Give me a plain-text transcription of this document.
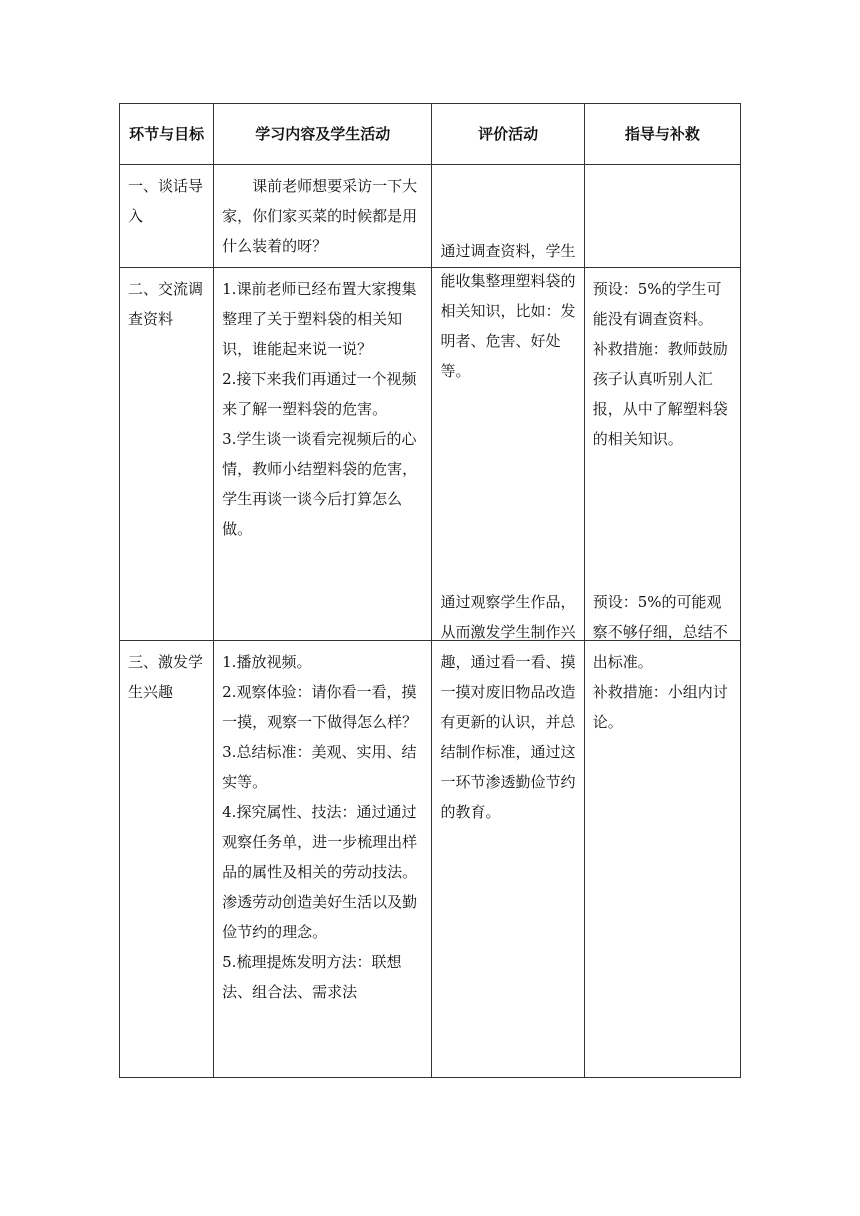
环节与目标	学习内容及学生活动	评价活动	指导与补救
一、谈话导入	课前老师想要采访一下大家，你们家买菜的时候都是用什么装着的呀？		

二、交流调查资料	1.课前老师已经布置大家搜集整理了关于塑料袋的相关知识，谁能起来说一说？
2.接下来我们再通过一个视频来了解一塑料袋的危害。
3.学生谈一谈看完视频后的心情，教师小结塑料袋的危害，学生再谈一谈今后打算怎么做。	通过调查资料，学生能收集整理塑料袋的相关知识，比如：发明者、危害、好处等。	预设：5%的学生可能没有调查资料。
补救措施：教师鼓励孩子认真听别人汇报，从中了解塑料袋的相关知识。

三、激发学生兴趣	1.播放视频。
2.观察体验：请你看一看，摸一摸，观察一下做得怎么样？
3.总结标准：美观、实用、结实等。
4.探究属性、技法：通过通过观察任务单，进一步梳理出样品的属性及相关的劳动技法。渗透劳动创造美好生活以及勤俭节约的理念。
5.梳理提炼发明方法：联想法、组合法、需求法	通过观察学生作品，从而激发学生制作兴趣，通过看一看、摸一摸对废旧物品改造有更新的认识，并总结制作标准，通过这一环节渗透勤俭节约的教育。	预设：5%的可能观察不够仔细，总结不出标准。
补救措施：小组内讨论。
